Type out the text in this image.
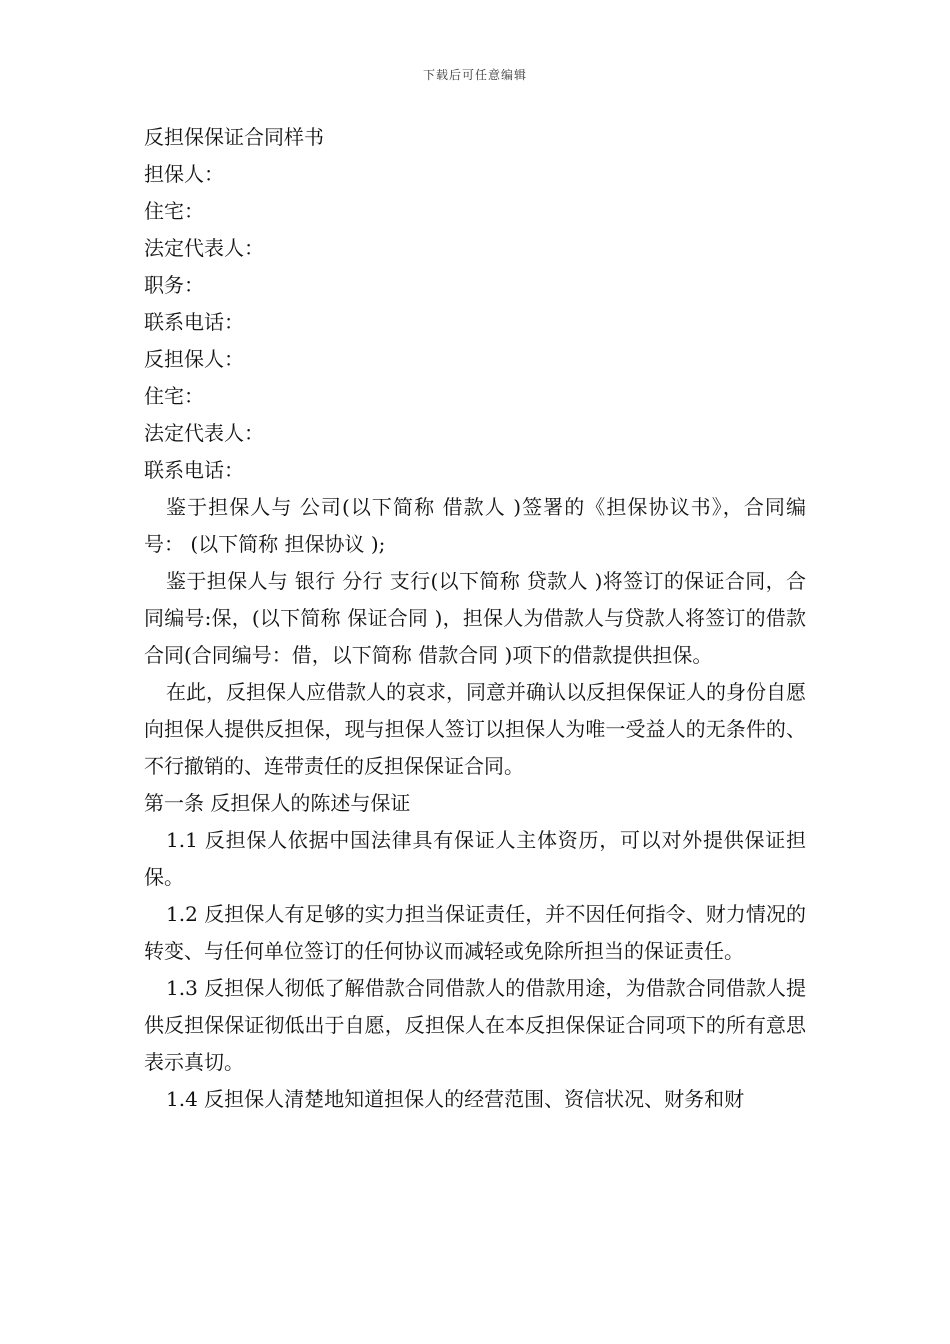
下载后可任意编辑

反担保保证合同样书

担保人：

住宅：

法定代表人：

职务：

联系电话：

反担保人：

住宅：

法定代表人：

联系电话：

鉴于担保人与 公司(以下简称 借款人 )签署的《担保协议书》，合同编号： (以下简称 担保协议 );

鉴于担保人与 银行 分行 支行(以下简称 贷款人 )将签订的保证合同，合同编号:保，(以下简称 保证合同 )，担保人为借款人与贷款人将签订的借款合同(合同编号：借，以下简称 借款合同 )项下的借款提供担保。

在此，反担保人应借款人的哀求，同意并确认以反担保保证人的身份自愿向担保人提供反担保，现与担保人签订以担保人为唯一受益人的无条件的、不行撤销的、连带责任的反担保保证合同。

第一条 反担保人的陈述与保证

1.1 反担保人依据中国法律具有保证人主体资历，可以对外提供保证担保。

1.2 反担保人有足够的实力担当保证责任，并不因任何指令、财力情况的转变、与任何单位签订的任何协议而减轻或免除所担当的保证责任。

1.3 反担保人彻低了解借款合同借款人的借款用途，为借款合同借款人提供反担保保证彻低出于自愿，反担保人在本反担保保证合同项下的所有意思表示真切。

1.4 反担保人清楚地知道担保人的经营范围、资信状况、财务和财
